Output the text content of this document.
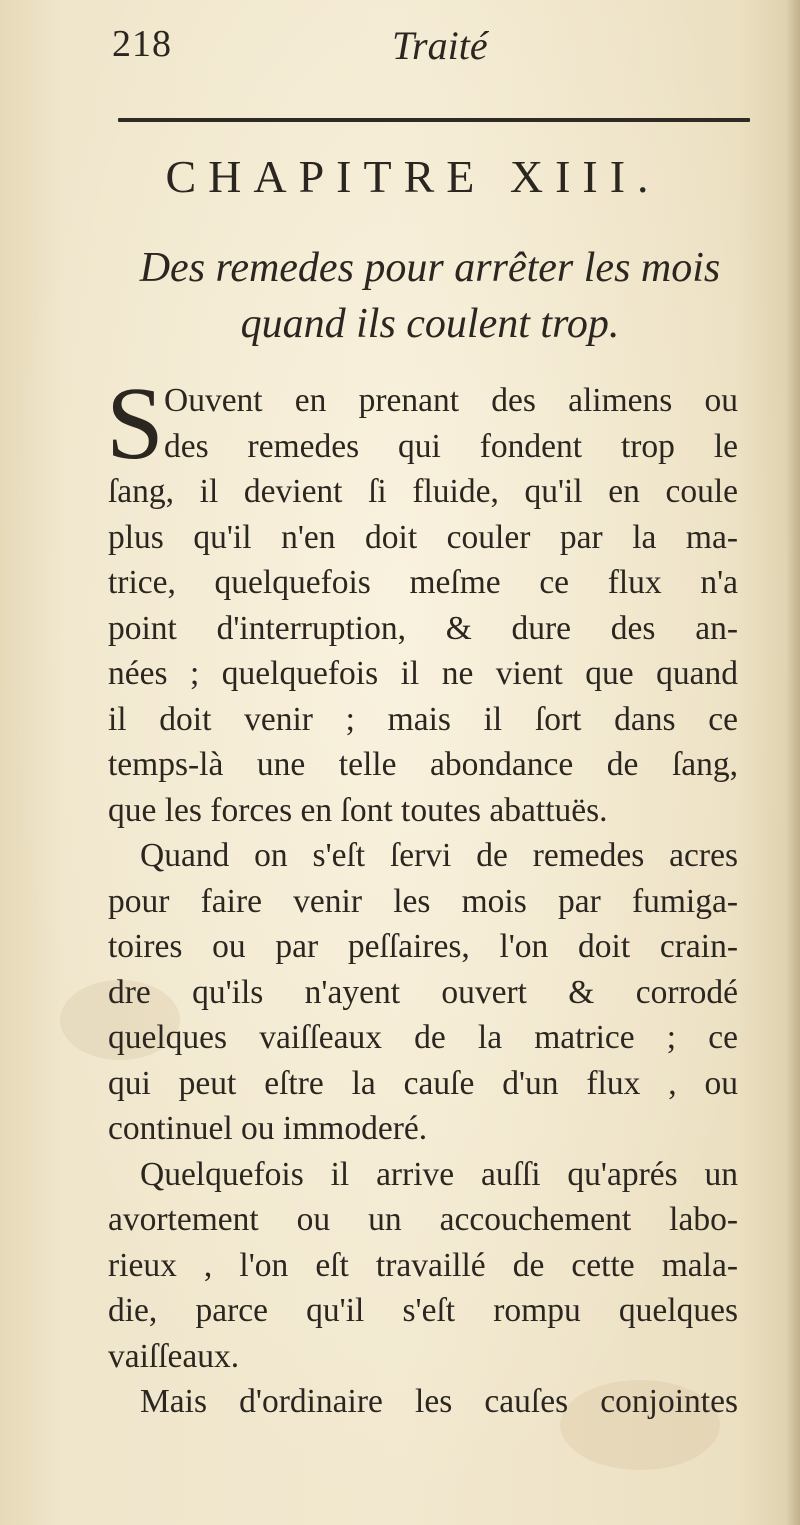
218	Traité
CHAPITRE XIII.
Des remedes pour arrêter les mois
quand ils coulent trop.
S Ouvent en prenant des alimens ou
des remedes qui fondent trop le
ſang, il devient ſi fluide, qu'il en coule
plus qu'il n'en doit couler par la ma-
trice, quelquefois meſme ce flux n'a
point d'interruption, & dure des an-
nées ; quelquefois il ne vient que quand
il doit venir ; mais il ſort dans ce
temps-là une telle abondance de ſang,
que les forces en ſont toutes abattuës.
Quand on s'eſt ſervi de remedes acres
pour faire venir les mois par fumiga-
toires ou par peſſaires, l'on doit crain-
dre qu'ils n'ayent ouvert & corrodé
quelques vaiſſeaux de la matrice ; ce
qui peut eſtre la cauſe d'un flux , ou
continuel ou immoderé.
Quelquefois il arrive auſſi qu'aprés un
avortement ou un accouchement labo-
rieux , l'on eſt travaillé de cette mala-
die, parce qu'il s'eſt rompu quelques
vaiſſeaux.
Mais d'ordinaire les cauſes conjointes
